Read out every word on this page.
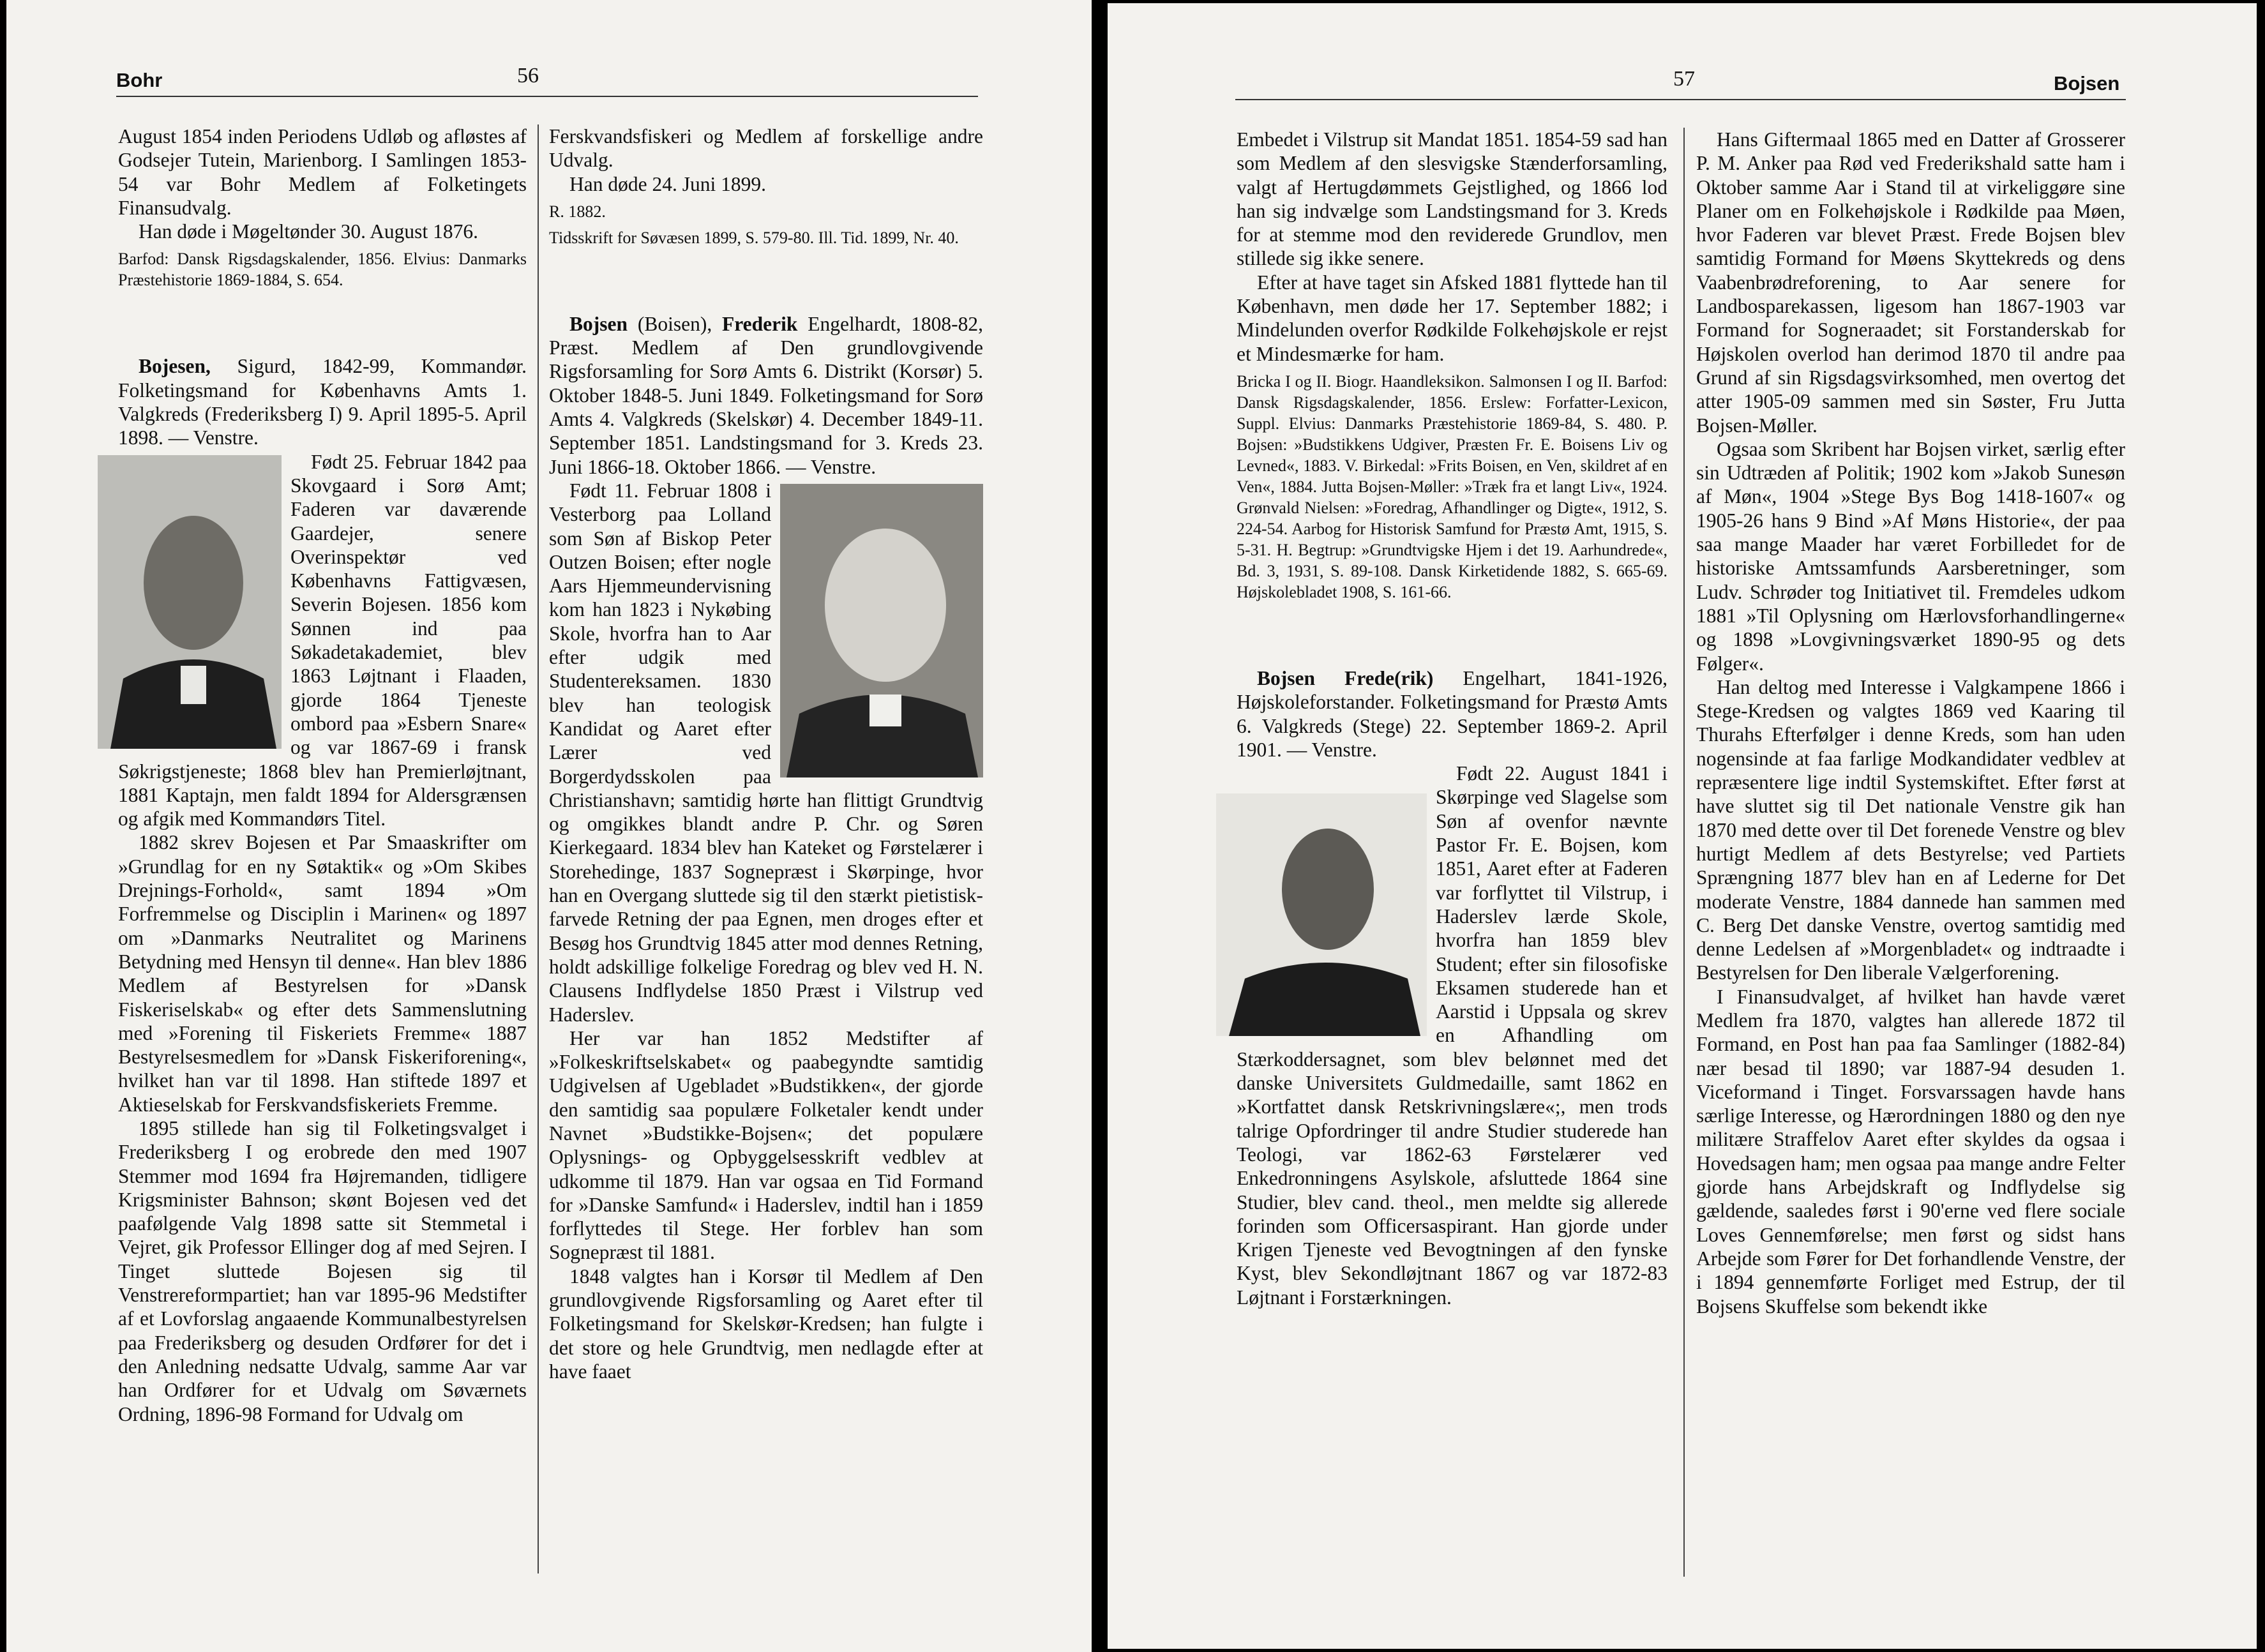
Bohr	56

August 1854 inden Periodens Udløb og afløstes af Godsejer Tutein, Marienborg. I Samlingen 1853-54 var Bohr Medlem af Folketingets Finansudvalg.

Han døde i Møgeltønder 30. August 1876.

Barfod: Dansk Rigsdagskalender, 1856. Elvius: Danmarks Præstehistorie 1869-1884, S. 654.

Bojesen, Sigurd, 1842-99, Kommandør. Folketingsmand for Københavns Amts 1. Valgkreds (Frederiksberg I) 9. April 1895-5. April 1898. — Venstre.

Født 25. Februar 1842 paa Skovgaard i Sorø Amt; Faderen var daværende Gaardejer, senere Overinspektør ved Københavns Fattigvæsen, Severin Bojesen. 1856 kom Sønnen ind paa Søkadetakademiet, blev 1863 Løjtnant i Flaaden, gjorde 1864 Tjeneste ombord paa »Esbern Snare« og var 1867-69 i fransk Søkrigstjeneste; 1868 blev han Premierløjtnant, 1881 Kaptajn, men faldt 1894 for Aldersgrænsen og afgik med Kommandørs Titel.

1882 skrev Bojesen et Par Smaaskrifter om »Grundlag for en ny Søtaktik« og »Om Skibes Drejnings-Forhold«, samt 1894 »Om Forfremmelse og Disciplin i Marinen« og 1897 om »Danmarks Neutralitet og Marinens Betydning med Hensyn til denne«. Han blev 1886 Medlem af Bestyrelsen for »Dansk Fiskeriselskab« og efter dets Sammenslutning med »Forening til Fiskeriets Fremme« 1887 Bestyrelsesmedlem for »Dansk Fiskeriforening«, hvilket han var til 1898. Han stiftede 1897 et Aktieselskab for Ferskvandsfiskeriets Fremme.

1895 stillede han sig til Folketingsvalget i Frederiksberg I og erobrede den med 1907 Stemmer mod 1694 fra Højremanden, tidligere Krigsminister Bahnson; skønt Bojesen ved det paafølgende Valg 1898 satte sit Stemmetal i Vejret, gik Professor Ellinger dog af med Sejren. I Tinget sluttede Bojesen sig til Venstrereformpartiet; han var 1895-96 Medstifter af et Lovforslag angaaende Kommunalbestyrelsen paa Frederiksberg og desuden Ordfører for det i den Anledning nedsatte Udvalg, samme Aar var han Ordfører for et Udvalg om Søværnets Ordning, 1896-98 Formand for Udvalg om

Ferskvandsfiskeri og Medlem af forskellige andre Udvalg.

Han døde 24. Juni 1899.

R. 1882.

Tidsskrift for Søvæsen 1899, S. 579-80. Ill. Tid. 1899, Nr. 40.

Bojsen (Boisen), Frederik Engelhardt, 1808-82, Præst. Medlem af Den grundlovgivende Rigsforsamling for Sorø Amts 6. Distrikt (Korsør) 5. Oktober 1848-5. Juni 1849. Folketingsmand for Sorø Amts 4. Valgkreds (Skelskør) 4. December 1849-11. September 1851. Landstingsmand for 3. Kreds 23. Juni 1866-18. Oktober 1866. — Venstre.

Født 11. Februar 1808 i Vesterborg paa Lolland som Søn af Biskop Peter Outzen Boisen; efter nogle Aars Hjemmeundervisning kom han 1823 i Nykøbing Skole, hvorfra han to Aar efter udgik med Studentereksamen. 1830 blev han teologisk Kandidat og Aaret efter Lærer ved Borgerdydsskolen paa Christianshavn; samtidig hørte han flittigt Grundtvig og omgikkes blandt andre P. Chr. og Søren Kierkegaard. 1834 blev han Kateket og Førstelærer i Storehedinge, 1837 Sognepræst i Skørpinge, hvor han en Overgang sluttede sig til den stærkt pietistisk-farvede Retning der paa Egnen, men droges efter et Besøg hos Grundtvig 1845 atter mod dennes Retning, holdt adskillige folkelige Foredrag og blev ved H. N. Clausens Indflydelse 1850 Præst i Vilstrup ved Haderslev.

Her var han 1852 Medstifter af »Folkeskriftselskabet« og paabegyndte samtidig Udgivelsen af Ugebladet »Budstikken«, der gjorde den samtidig saa populære Folketaler kendt under Navnet »Budstikke-Bojsen«; det populære Oplysnings- og Opbyggelsesskrift vedblev at udkomme til 1879. Han var ogsaa en Tid Formand for »Danske Samfund« i Haderslev, indtil han i 1859 forflyttedes til Stege. Her forblev han som Sognepræst til 1881.

1848 valgtes han i Korsør til Medlem af Den grundlovgivende Rigsforsamling og Aaret efter til Folketingsmand for Skelskør-Kredsen; han fulgte i det store og hele Grundtvig, men nedlagde efter at have faaet

57	Bojsen

Embedet i Vilstrup sit Mandat 1851. 1854-59 sad han som Medlem af den slesvigske Stænderforsamling, valgt af Hertugdømmets Gejstlighed, og 1866 lod han sig indvælge som Landstingsmand for 3. Kreds for at stemme mod den reviderede Grundlov, men stillede sig ikke senere.

Efter at have taget sin Afsked 1881 flyttede han til København, men døde her 17. September 1882; i Mindelunden overfor Rødkilde Folkehøjskole er rejst et Mindesmærke for ham.

Bricka I og II. Biogr. Haandleksikon. Salmonsen I og II. Barfod: Dansk Rigsdagskalender, 1856. Erslew: Forfatter-Lexicon, Suppl. Elvius: Danmarks Præstehistorie 1869-84, S. 480. P. Bojsen: »Budstikkens Udgiver, Præsten Fr. E. Boisens Liv og Levned«, 1883. V. Birkedal: »Frits Boisen, en Ven, skildret af en Ven«, 1884. Jutta Bojsen-Møller: »Træk fra et langt Liv«, 1924. Grønvald Nielsen: »Foredrag, Afhandlinger og Digte«, 1912, S. 224-54. Aarbog for Historisk Samfund for Præstø Amt, 1915, S. 5-31. H. Begtrup: »Grundtvigske Hjem i det 19. Aarhundrede«, Bd. 3, 1931, S. 89-108. Dansk Kirketidende 1882, S. 665-69. Højskolebladet 1908, S. 161-66.

Bojsen Frede(rik) Engelhart, 1841-1926, Højskoleforstander. Folketingsmand for Præstø Amts 6. Valgkreds (Stege) 22. September 1869-2. April 1901. — Venstre.

Født 22. August 1841 i Skørpinge ved Slagelse som Søn af ovenfor nævnte Pastor Fr. E. Bojsen, kom 1851, Aaret efter at Faderen var forflyttet til Vilstrup, i Haderslev lærde Skole, hvorfra han 1859 blev Student; efter sin filosofiske Eksamen studerede han et Aarstid i Uppsala og skrev en Afhandling om Stærkoddersagnet, som blev belønnet med det danske Universitets Guldmedaille, samt 1862 en »Kortfattet dansk Retskrivningslære«;, men trods talrige Opfordringer til andre Studier studerede han Teologi, var 1862-63 Førstelærer ved Enkedronningens Asylskole, afsluttede 1864 sine Studier, blev cand. theol., men meldte sig allerede forinden som Officersaspirant. Han gjorde under Krigen Tjeneste ved Bevogtningen af den fynske Kyst, blev Sekondløjtnant 1867 og var 1872-83 Løjtnant i Forstærkningen.

Hans Giftermaal 1865 med en Datter af Grosserer P. M. Anker paa Rød ved Frederikshald satte ham i Oktober samme Aar i Stand til at virkeliggøre sine Planer om en Folkehøjskole i Rødkilde paa Møen, hvor Faderen var blevet Præst. Frede Bojsen blev samtidig Formand for Møens Skyttekreds og dens Vaabenbrødreforening, to Aar senere for Landbosparekassen, ligesom han 1867-1903 var Formand for Sogneraadet; sit Forstanderskab for Højskolen overlod han derimod 1870 til andre paa Grund af sin Rigsdagsvirksomhed, men overtog det atter 1905-09 sammen med sin Søster, Fru Jutta Bojsen-Møller.

Ogsaa som Skribent har Bojsen virket, særlig efter sin Udtræden af Politik; 1902 kom »Jakob Sunesøn af Møn«, 1904 »Stege Bys Bog 1418-1607« og 1905-26 hans 9 Bind »Af Møns Historie«, der paa saa mange Maader har været Forbilledet for de historiske Amtssamfunds Aarsberetninger, som Ludv. Schrøder tog Initiativet til. Fremdeles udkom 1881 »Til Oplysning om Hærlovsforhandlingerne« og 1898 »Lovgivningsværket 1890-95 og dets Følger«.

Han deltog med Interesse i Valgkampene 1866 i Stege-Kredsen og valgtes 1869 ved Kaaring til Thurahs Efterfølger i denne Kreds, som han uden nogensinde at faa farlige Modkandidater vedblev at repræsentere lige indtil Systemskiftet. Efter først at have sluttet sig til Det nationale Venstre gik han 1870 med dette over til Det forenede Venstre og blev hurtigt Medlem af dets Bestyrelse; ved Partiets Sprængning 1877 blev han en af Lederne for Det moderate Venstre, 1884 dannede han sammen med C. Berg Det danske Venstre, overtog samtidig med denne Ledelsen af »Morgenbladet« og indtraadte i Bestyrelsen for Den liberale Vælgerforening.

I Finansudvalget, af hvilket han havde været Medlem fra 1870, valgtes han allerede 1872 til Formand, en Post han paa faa Samlinger (1882-84) nær besad til 1890; var 1887-94 desuden 1. Viceformand i Tinget. Forsvarssagen havde hans særlige Interesse, og Hærordningen 1880 og den nye militære Straffelov Aaret efter skyldes da ogsaa i Hovedsagen ham; men ogsaa paa mange andre Felter gjorde hans Arbejdskraft og Indflydelse sig gældende, saaledes først i 90'erne ved flere sociale Loves Gennemførelse; men først og sidst hans Arbejde som Fører for Det forhandlende Venstre, der i 1894 gennemførte Forliget med Estrup, der til Bojsens Skuffelse som bekendt ikke
